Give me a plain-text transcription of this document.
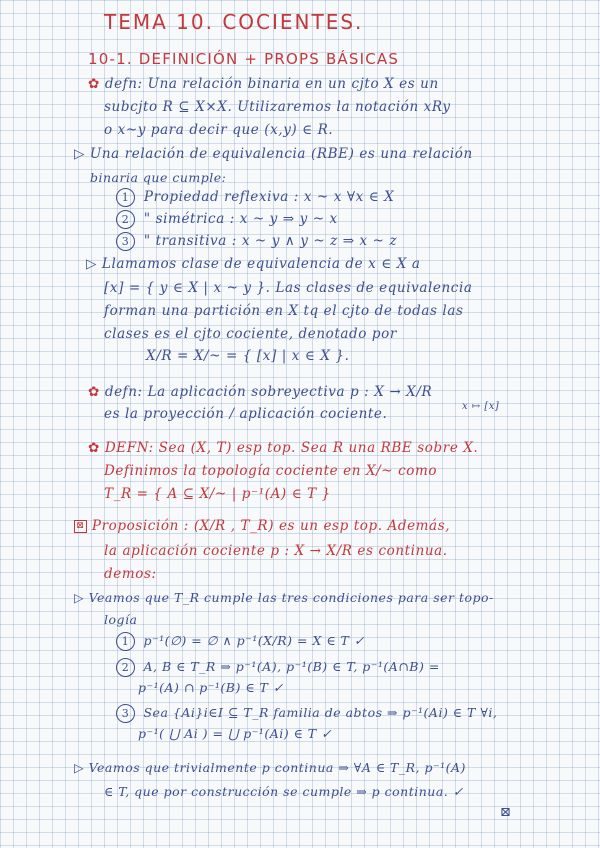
TEMA 10. COCIENTES.
10-1. DEFINICIÓN + PROPS BÁSICAS
✿ defn: Una relación binaria en un cjto X es un
subcjto R ⊆ X×X. Utilizaremos la notación xRy
o x~y para decir que (x,y) ∈ R.
▷ Una relación de equivalencia (RBE) es una relación
binaria que cumple:
1 Propiedad reflexiva : x ~ x ∀x ∈ X
2 " simétrica : x ~ y ⇒ y ~ x
3 " transitiva : x ~ y ∧ y ~ z ⇒ x ~ z
▷ Llamamos clase de equivalencia de x ∈ X a
[x] = { y ∈ X | x ~ y }. Las clases de equivalencia
forman una partición en X tq el cjto de todas las
clases es el cjto cociente, denotado por
X/R = X/~ = { [x] | x ∈ X }.
✿ defn: La aplicación sobreyectiva p : X → X/R
es la proyección / aplicación cociente.	x ↦ [x]
✿ DEFN: Sea (X, T) esp top. Sea R una RBE sobre X.
Definimos la topología cociente en X/~ como
T_R = { A ⊆ X/~ | p⁻¹(A) ∈ T }
⊠ Proposición : (X/R , T_R) es un esp top. Además,
la aplicación cociente p : X → X/R es continua.
demos:
▷ Veamos que T_R cumple las tres condiciones para ser topo-
logía
1 p⁻¹(∅) = ∅ ∧ p⁻¹(X/R) = X ∈ T ✓
2 A, B ∈ T_R ⇒ p⁻¹(A), p⁻¹(B) ∈ T, p⁻¹(A∩B) =
p⁻¹(A) ∩ p⁻¹(B) ∈ T ✓
3 Sea {Ai}i∈I ⊆ T_R familia de abtos ⇒ p⁻¹(Ai) ∈ T ∀i,
p⁻¹( ⋃ Ai ) = ⋃ p⁻¹(Ai) ∈ T ✓
▷ Veamos que trivialmente p continua ⇒ ∀A ∈ T_R, p⁻¹(A)
∈ T, que por construcción se cumple ⇒ p continua. ✓
⊠
